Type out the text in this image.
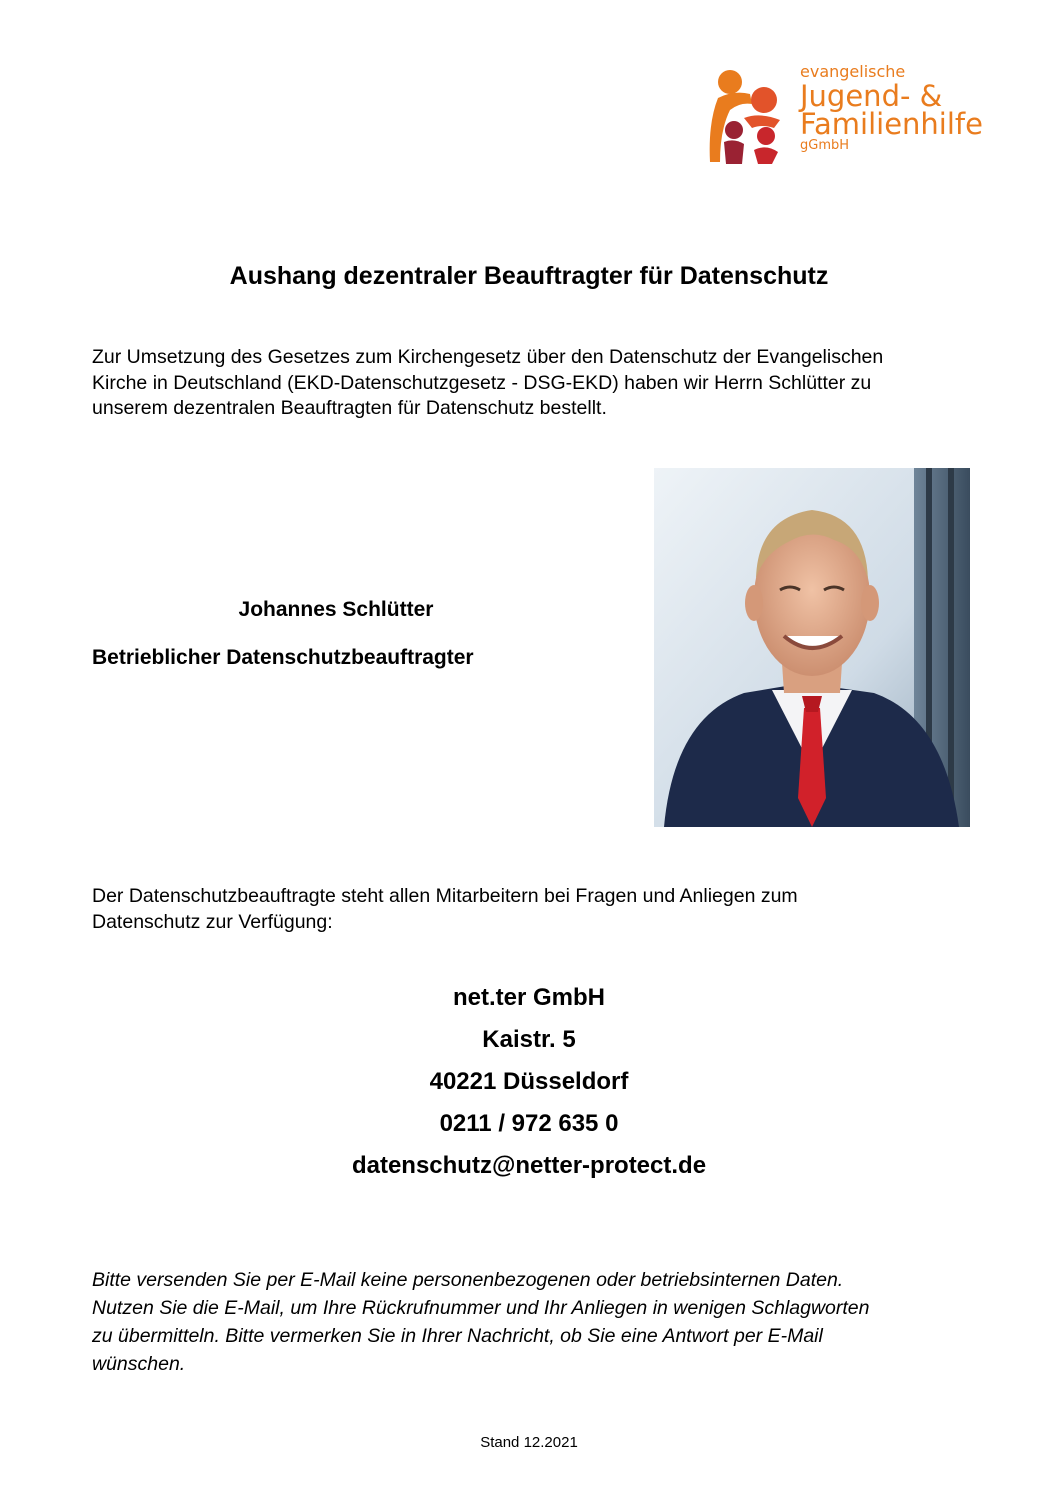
evangelische
Jugend- &
Familienhilfe
gGmbH
Aushang dezentraler Beauftragter für Datenschutz
Zur Umsetzung des Gesetzes zum Kirchengesetz über den Datenschutz der Evangelischen
Kirche in Deutschland (EKD-Datenschutzgesetz - DSG-EKD) haben wir Herrn Schlütter zu
unserem dezentralen Beauftragten für Datenschutz bestellt.
Johannes Schlütter
Betrieblicher Datenschutzbeauftragter
Der Datenschutzbeauftragte steht allen Mitarbeitern bei Fragen und Anliegen zum
Datenschutz zur Verfügung:
net.ter GmbH
Kaistr. 5
40221 Düsseldorf
0211 / 972 635 0
datenschutz@netter-protect.de
Bitte versenden Sie per E-Mail keine personenbezogenen oder betriebsinternen Daten.
Nutzen Sie die E-Mail, um Ihre Rückrufnummer und Ihr Anliegen in wenigen Schlagworten
zu übermitteln. Bitte vermerken Sie in Ihrer Nachricht, ob Sie eine Antwort per E-Mail
wünschen.
Stand 12.2021
